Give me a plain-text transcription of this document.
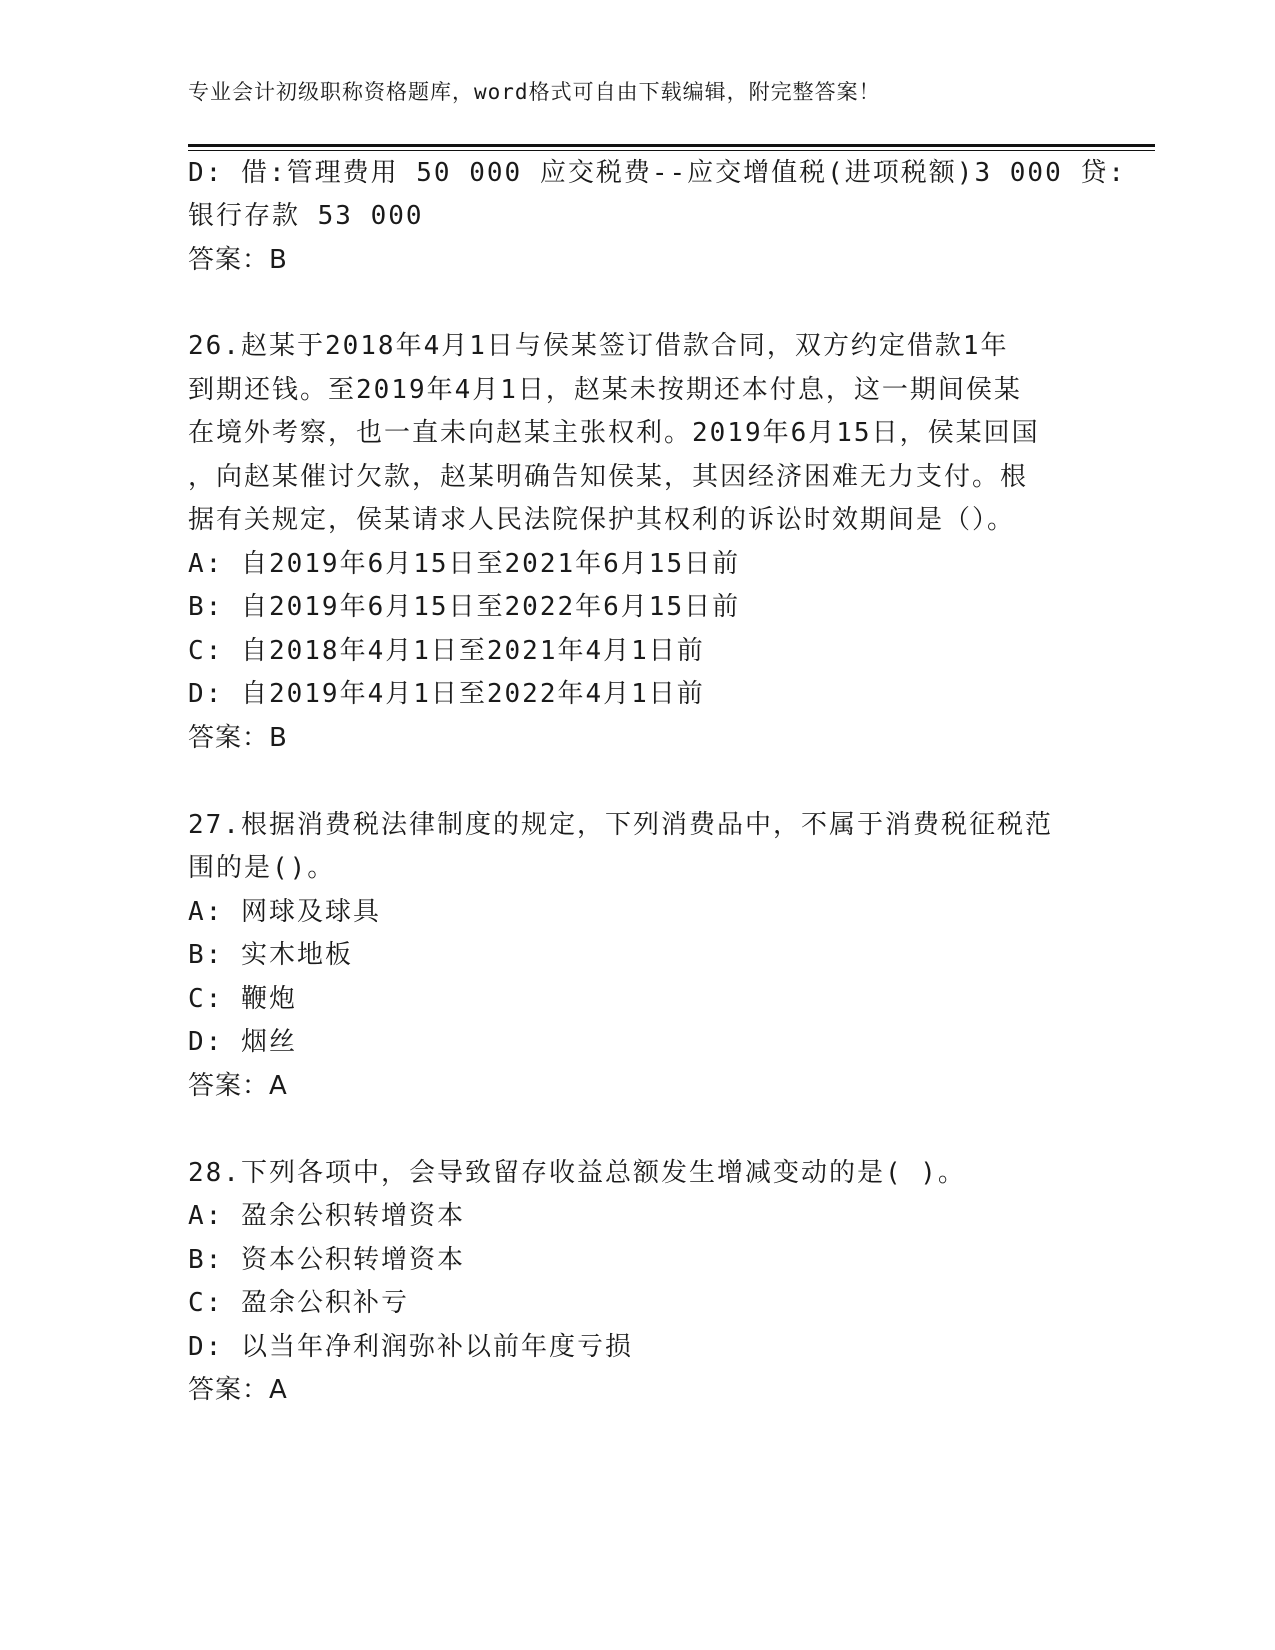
专业会计初级职称资格题库，word格式可自由下载编辑，附完整答案！
D: 借:管理费用 50 000 应交税费--应交增值税(进项税额)3 000 贷:
银行存款 53 000
答案：B
26.赵某于2018年4月1日与侯某签订借款合同，双方约定借款1年
到期还钱。至2019年4月1日，赵某未按期还本付息，这一期间侯某
在境外考察，也一直未向赵某主张权利。2019年6月15日，侯某回国
，向赵某催讨欠款，赵某明确告知侯某，其因经济困难无力支付。根
据有关规定，侯某请求人民法院保护其权利的诉讼时效期间是（）。
A: 自2019年6月15日至2021年6月15日前
B: 自2019年6月15日至2022年6月15日前
C: 自2018年4月1日至2021年4月1日前
D: 自2019年4月1日至2022年4月1日前
答案：B
27.根据消费税法律制度的规定，下列消费品中，不属于消费税征税范
围的是()。
A: 网球及球具
B: 实木地板
C: 鞭炮
D: 烟丝
答案：A
28.下列各项中，会导致留存收益总额发生增减变动的是( )。
A: 盈余公积转增资本
B: 资本公积转增资本
C: 盈余公积补亏
D: 以当年净利润弥补以前年度亏损
答案：A
